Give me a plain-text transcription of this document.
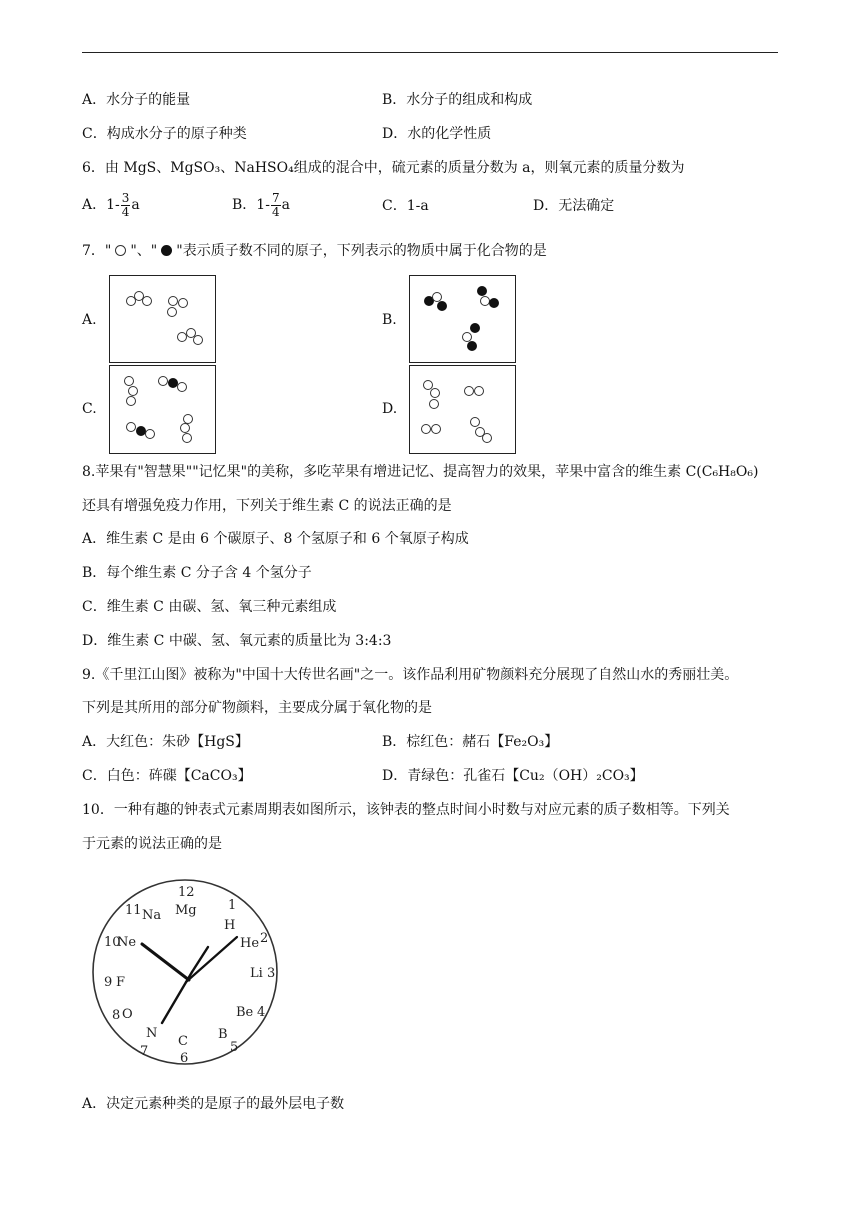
A．水分子的能量	B．水分子的组成和构成
C．构成水分子的原子种类	D．水的化学性质
6．由 MgS、MgSO₃、NaHSO₄组成的混合中，硫元素的质量分数为 a，则氧元素的质量分数为
A．$1- \frac{3}{4}$ a	B．$1- \frac{7}{4}$ a	C．1-a	D．无法确定
7．" "、" "表示质子数不同的原子，下列表示的物质中属于化合物的是
A.	B.
C.	D.
8.苹果有"智慧果""记忆果"的美称，多吃苹果有增进记忆、提高智力的效果，苹果中富含的维生素 C(C₆H₈O₆)
还具有增强免疫力作用，下列关于维生素 C 的说法正确的是
A．维生素 C 是由 6 个碳原子、8 个氢原子和 6 个氧原子构成
B．每个维生素 C 分子含 4 个氢分子
C．维生素 C 由碳、氢、氧三种元素组成
D．维生素 C 中碳、氢、氧元素的质量比为 3:4:3
9.《千里江山图》被称为"中国十大传世名画"之一。该作品利用矿物颜料充分展现了自然山水的秀丽壮美。
下列是其所用的部分矿物颜料，主要成分属于氧化物的是
A．大红色：朱砂【HgS】	B．棕红色：赭石【Fe₂O₃】
C．白色：砗磲【CaCO₃】	D．青绿色：孔雀石【Cu₂（OH）₂CO₃】
10．一种有趣的钟表式元素周期表如图所示，该钟表的整点时间小时数与对应元素的质子数相等。下列关
于元素的说法正确的是
12
Mg
11 Na
1
H
He 2
10
Ne
Li 3
9 F
8 O	Be 4
N
7
C
6
B
5
A．决定元素种类的是原子的最外层电子数
